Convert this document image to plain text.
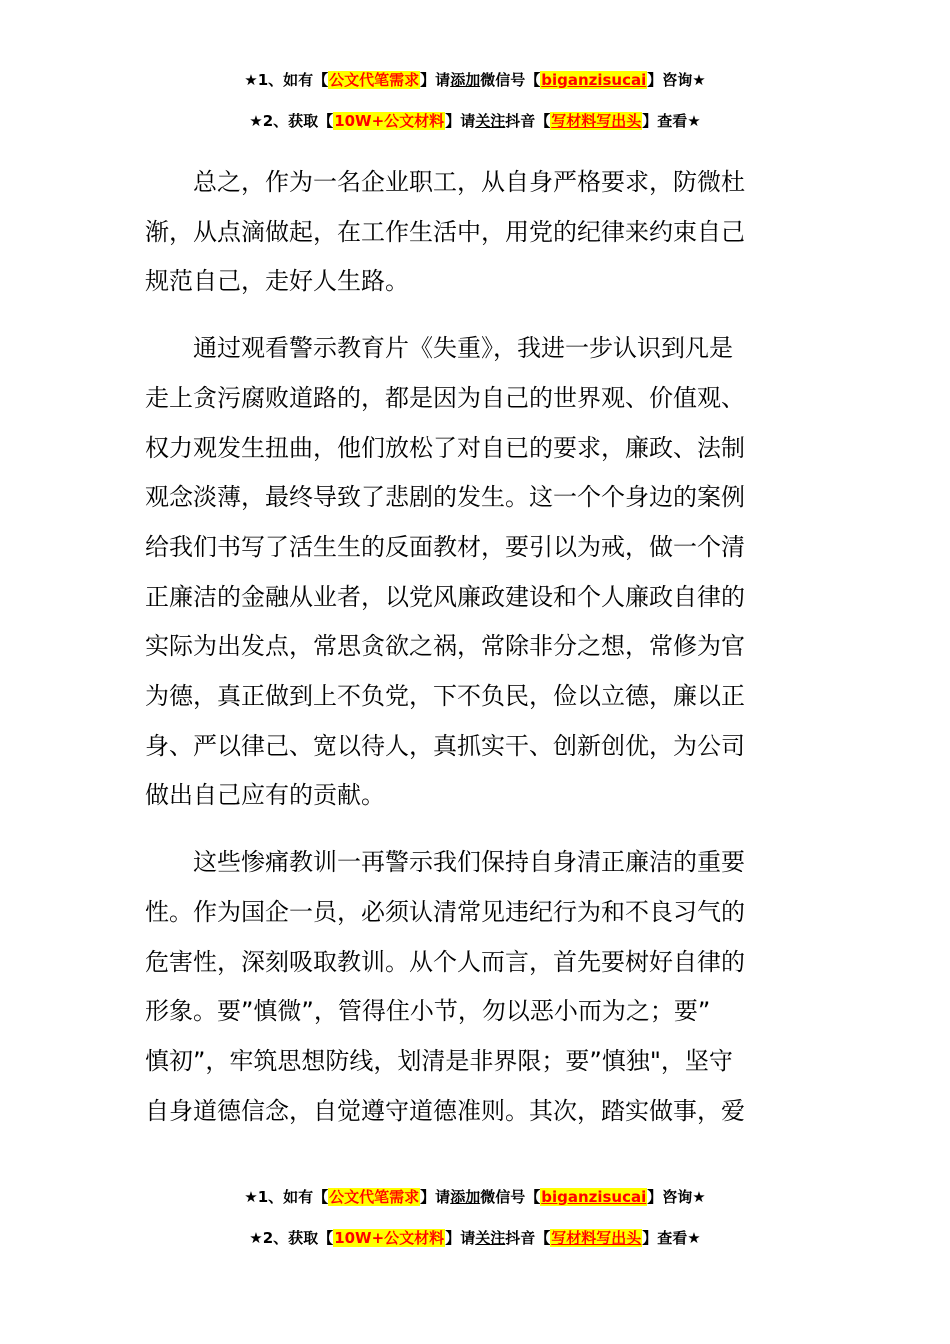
★1、如有【公文代笔需求】请添加微信号【biganzisucai】咨询★
★2、获取【10W+公文材料】请关注抖音【写材料写出头】查看★

总之，作为一名企业职工，从自身严格要求，防微杜
渐，从点滴做起，在工作生活中，用党的纪律来约束自己
规范自己，走好人生路。

通过观看警示教育片《失重》，我进一步认识到凡是
走上贪污腐败道路的，都是因为自己的世界观、价值观、
权力观发生扭曲，他们放松了对自已的要求，廉政、法制
观念淡薄，最终导致了悲剧的发生。这一个个身边的案例
给我们书写了活生生的反面教材，要引以为戒，做一个清
正廉洁的金融从业者，以党风廉政建设和个人廉政自律的
实际为出发点，常思贪欲之祸，常除非分之想，常修为官
为德，真正做到上不负党，下不负民，俭以立德，廉以正
身、严以律己、宽以待人，真抓实干、创新创优，为公司
做出自己应有的贡献。

这些惨痛教训一再警示我们保持自身清正廉洁的重要
性。作为国企一员，必须认清常见违纪行为和不良习气的
危害性，深刻吸取教训。从个人而言，首先要树好自律的
形象。要”慎微”，管得住小节，勿以恶小而为之；要”
慎初”，牢筑思想防线，划清是非界限；要”慎独"，坚守
自身道德信念，自觉遵守道德准则。其次，踏实做事，爱

★1、如有【公文代笔需求】请添加微信号【biganzisucai】咨询★
★2、获取【10W+公文材料】请关注抖音【写材料写出头】查看★
